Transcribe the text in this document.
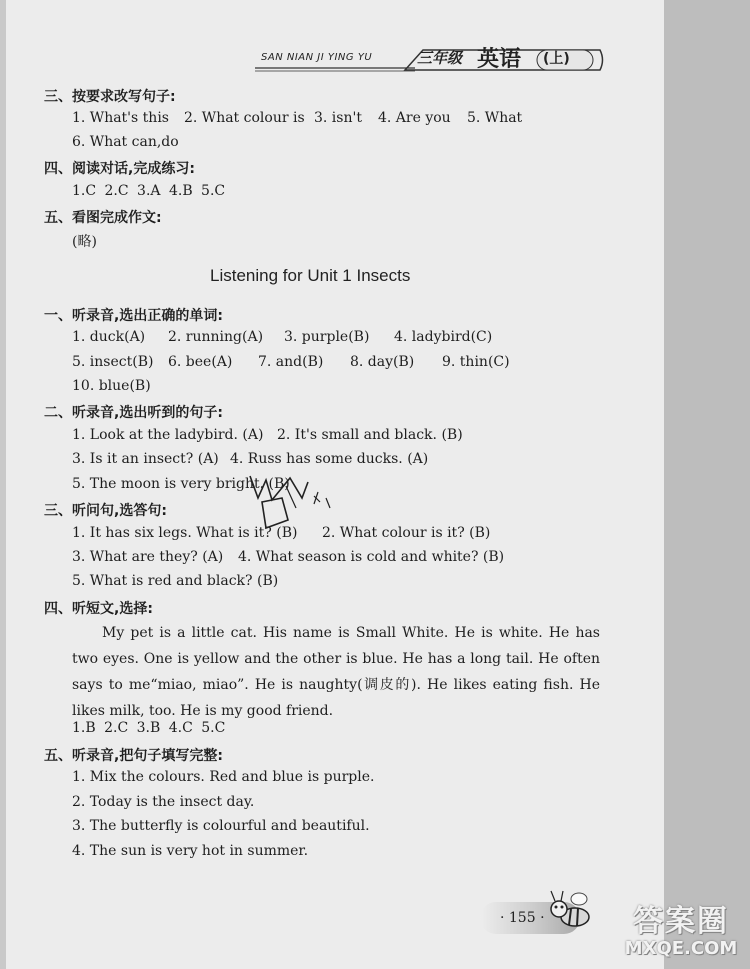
SAN NIAN JI YING YU	三年级 英语 (上)
三、按要求改写句子:
1. What's this 2. What colour is 3. isn't 4. Are you 5. What
6. What can,do
四、阅读对话,完成练习:
1.C 2.C 3.A 4.B 5.C
五、看图完成作文:
(略)
Listening for Unit 1 Insects
一、听录音,选出正确的单词:
1. duck(A) 2. running(A) 3. purple(B) 4. ladybird(C)
5. insect(B) 6. bee(A) 7. and(B) 8. day(B) 9. thin(C)
10. blue(B)
二、听录音,选出听到的句子:
1. Look at the ladybird. (A) 2. It's small and black. (B)
3. Is it an insect? (A) 4. Russ has some ducks. (A)
5. The moon is very bright. (B)
三、听问句,选答句:
1. It has six legs. What is it? (B) 2. What colour is it? (B)
3. What are they? (A) 4. What season is cold and white? (B)
5. What is red and black? (B)
四、听短文,选择:
My pet is a little cat. His name is Small White. He is white. He has two eyes. One is yellow and the other is blue. He has a long tail. He often says to me“miao, miao”. He is naughty(调皮的). He likes eating fish. He likes milk, too. He is my good friend.
1.B 2.C 3.B 4.C 5.C
五、听录音,把句子填写完整:
1. Mix the colours. Red and blue is purple.
2. Today is the insect day.
3. The butterfly is colourful and beautiful.
4. The sun is very hot in summer.
· 155 ·	答案圈
MXQE.COM
